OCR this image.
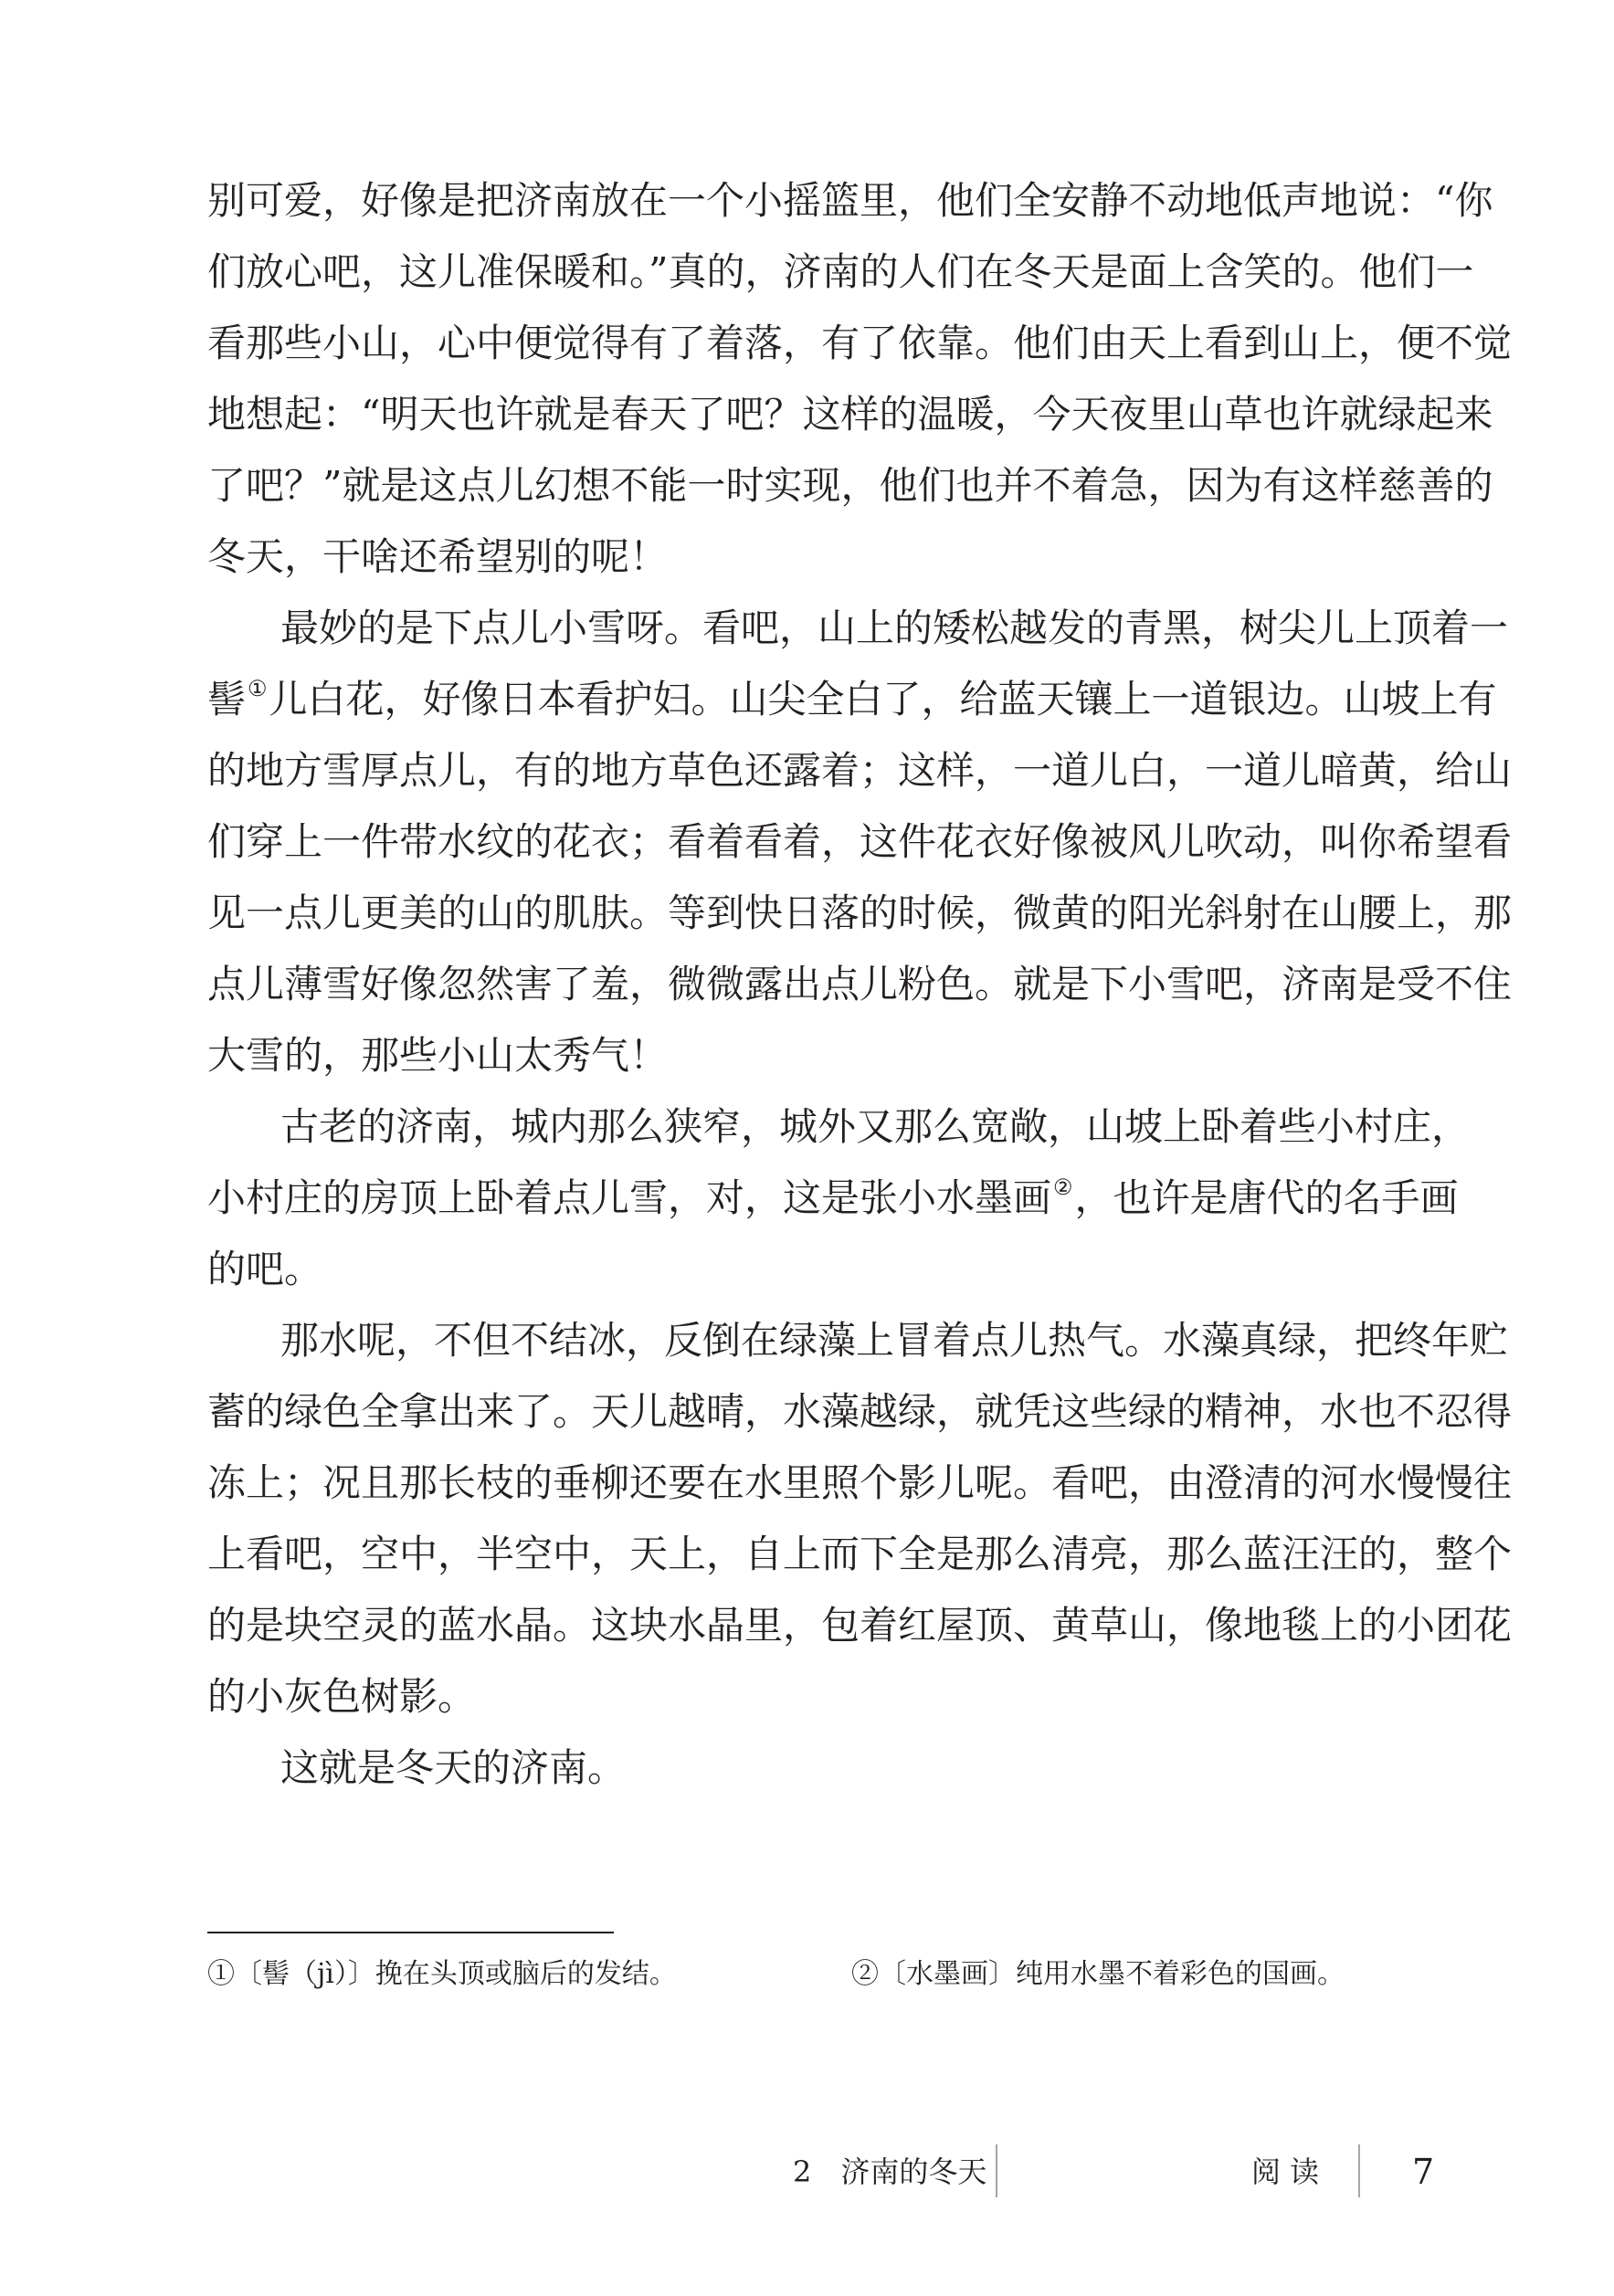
别可爱，好像是把济南放在一个小摇篮里，他们全安静不动地低声地说：“你
们放心吧，这儿准保暖和。”真的，济南的人们在冬天是面上含笑的。他们一
看那些小山，心中便觉得有了着落，有了依靠。他们由天上看到山上，便不觉
地想起：“明天也许就是春天了吧？这样的温暖，今天夜里山草也许就绿起来
了吧？”就是这点儿幻想不能一时实现，他们也并不着急，因为有这样慈善的
冬天，干啥还希望别的呢！
最妙的是下点儿小雪呀。看吧，山上的矮松越发的青黑，树尖儿上顶着一
髻①儿白花，好像日本看护妇。山尖全白了，给蓝天镶上一道银边。山坡上有
的地方雪厚点儿，有的地方草色还露着；这样，一道儿白，一道儿暗黄，给山
们穿上一件带水纹的花衣；看着看着，这件花衣好像被风儿吹动，叫你希望看
见一点儿更美的山的肌肤。等到快日落的时候，微黄的阳光斜射在山腰上，那
点儿薄雪好像忽然害了羞，微微露出点儿粉色。就是下小雪吧，济南是受不住
大雪的，那些小山太秀气！
古老的济南，城内那么狭窄，城外又那么宽敞，山坡上卧着些小村庄，
小村庄的房顶上卧着点儿雪，对，这是张小水墨画②，也许是唐代的名手画
的吧。
那水呢，不但不结冰，反倒在绿藻上冒着点儿热气。水藻真绿，把终年贮
蓄的绿色全拿出来了。天儿越晴，水藻越绿，就凭这些绿的精神，水也不忍得
冻上；况且那长枝的垂柳还要在水里照个影儿呢。看吧，由澄清的河水慢慢往
上看吧，空中，半空中，天上，自上而下全是那么清亮，那么蓝汪汪的，整个
的是块空灵的蓝水晶。这块水晶里，包着红屋顶、黄草山，像地毯上的小团花
的小灰色树影。
这就是冬天的济南。
①〔髻（jì）〕挽在头顶或脑后的发结。	②〔水墨画〕纯用水墨不着彩色的国画。
2　济南的冬天	阅读 7
